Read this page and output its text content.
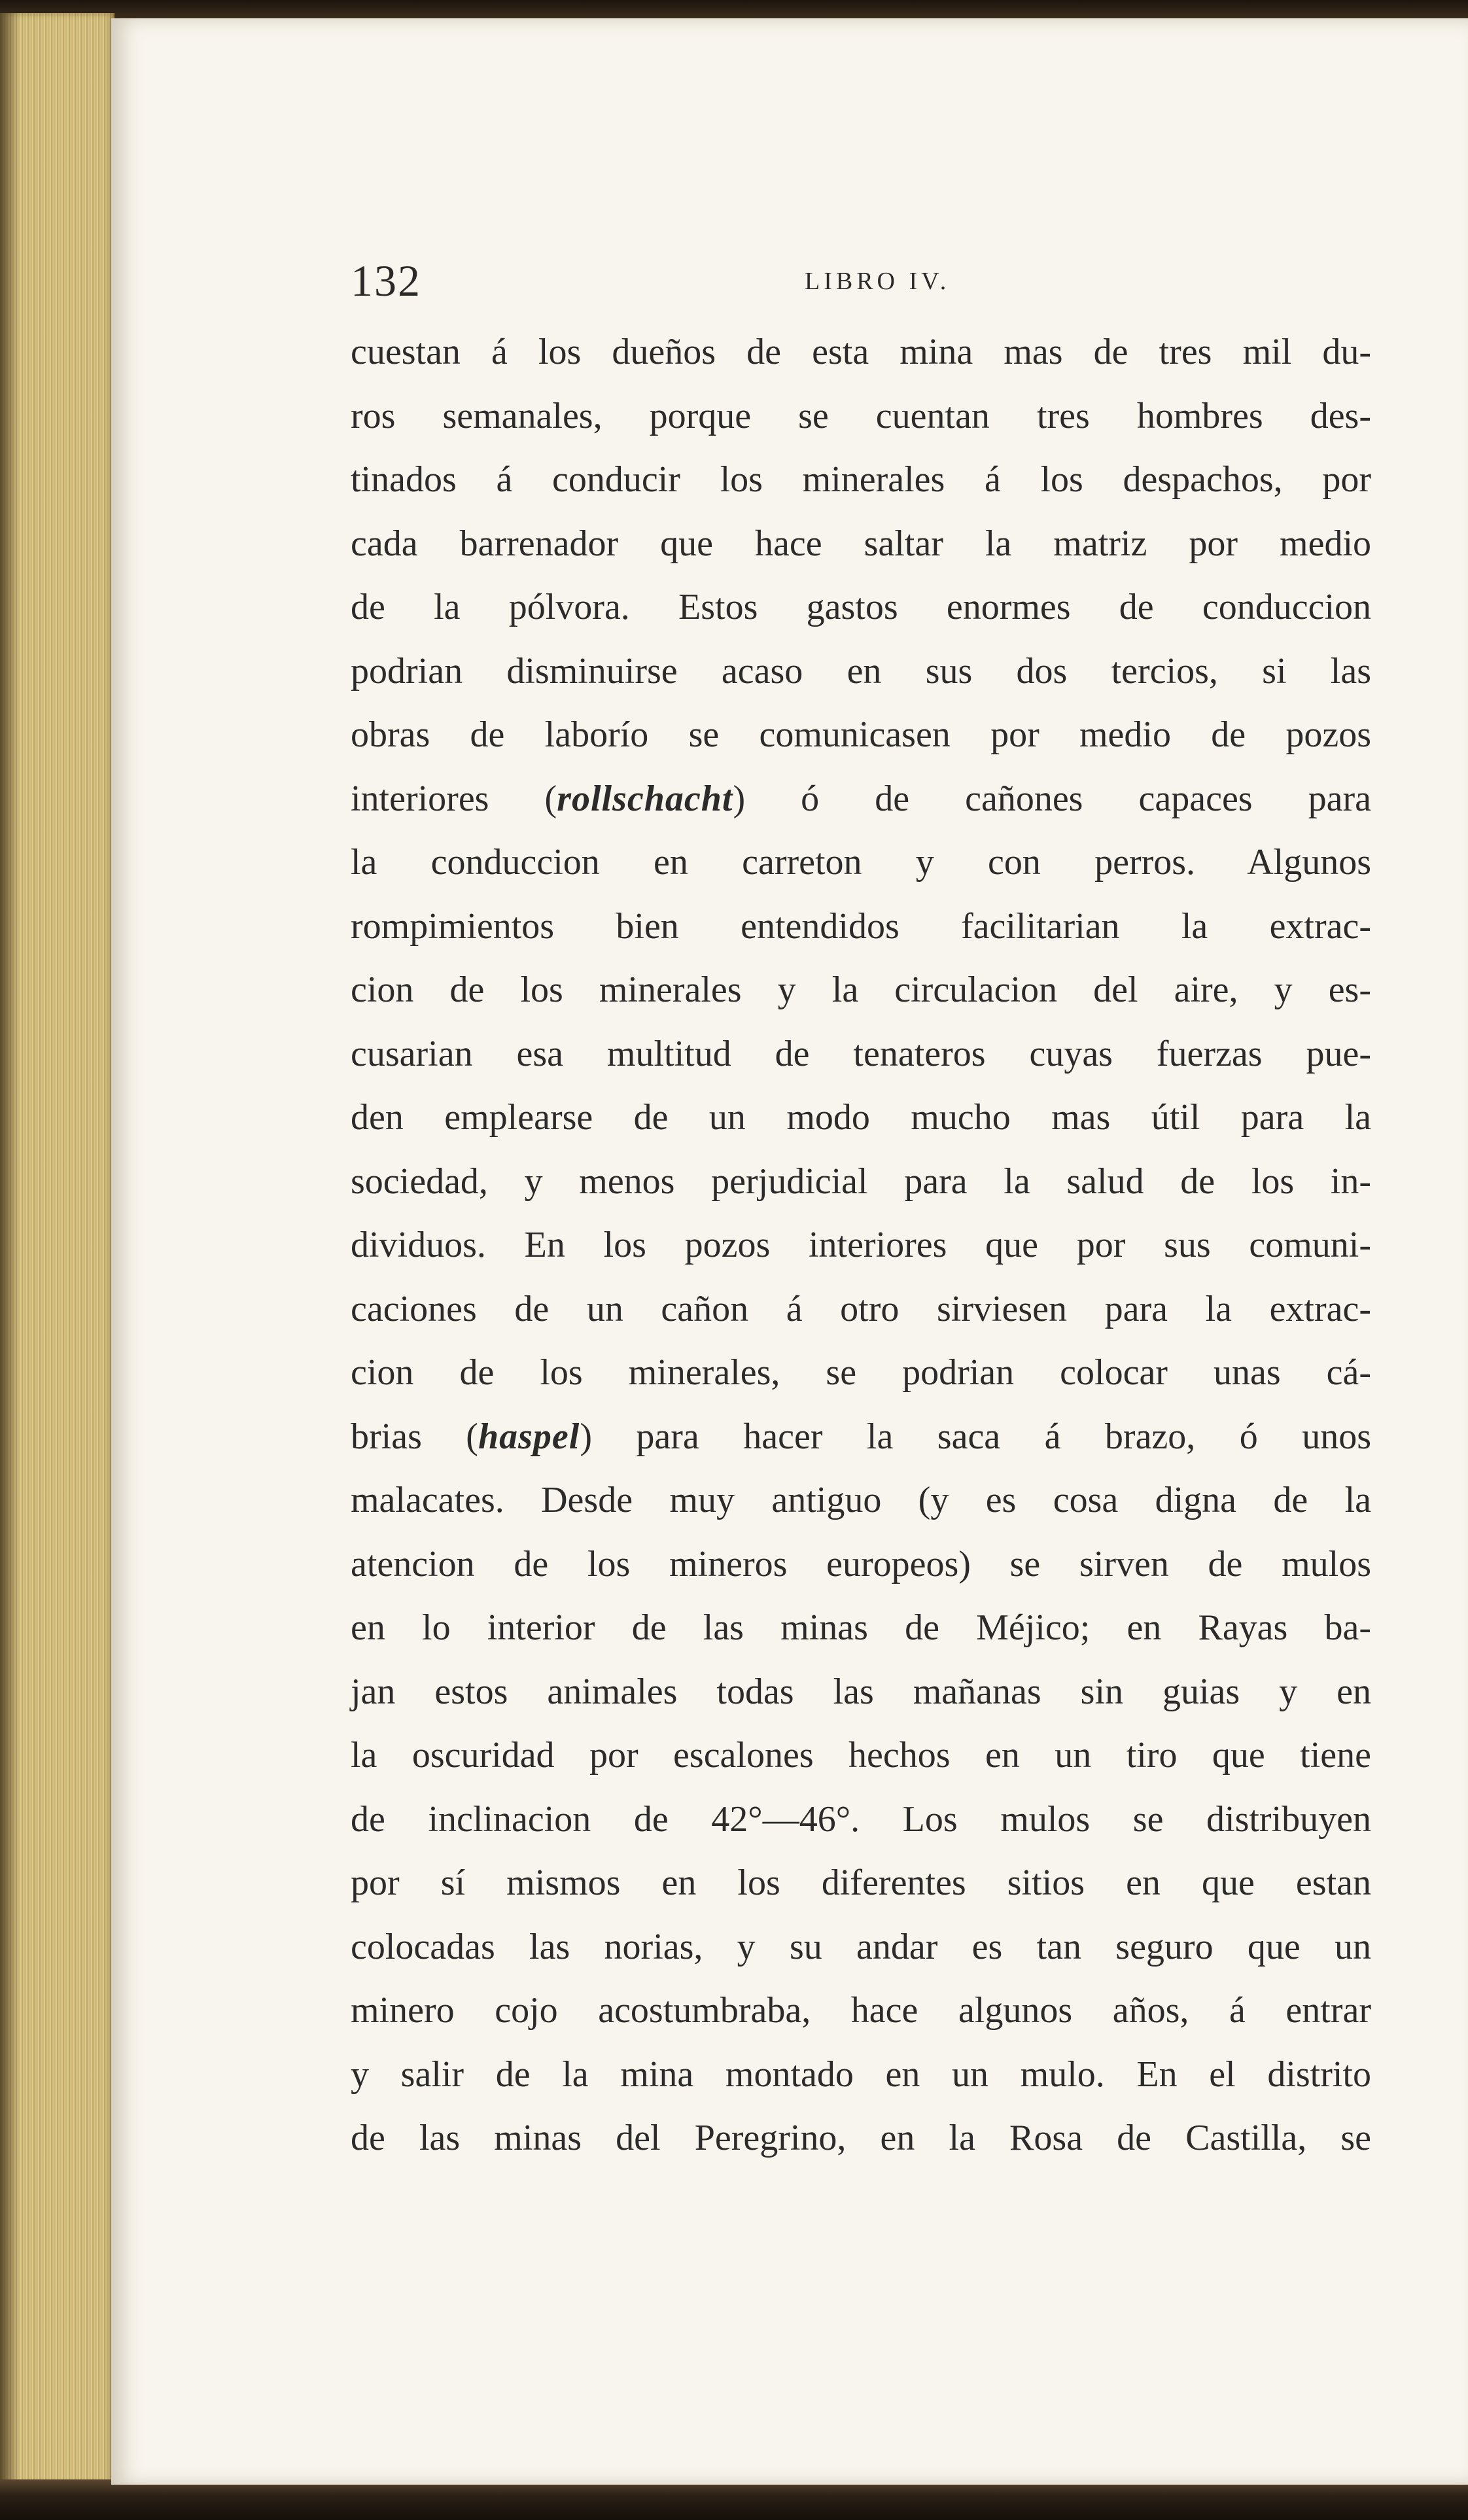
132	LIBRO IV.
cuestan á los dueños de esta mina mas de tres mil du-
ros semanales, porque se cuentan tres hombres des-
tinados á conducir los minerales á los despachos, por
cada barrenador que hace saltar la matriz por medio
de la pólvora. Estos gastos enormes de conduccion
podrian disminuirse acaso en sus dos tercios, si las
obras de laborío se comunicasen por medio de pozos
interiores (rollschacht) ó de cañones capaces para
la conduccion en carreton y con perros. Algunos
rompimientos bien entendidos facilitarian la extrac-
cion de los minerales y la circulacion del aire, y es-
cusarian esa multitud de tenateros cuyas fuerzas pue-
den emplearse de un modo mucho mas útil para la
sociedad, y menos perjudicial para la salud de los in-
dividuos. En los pozos interiores que por sus comuni-
caciones de un cañon á otro sirviesen para la extrac-
cion de los minerales, se podrian colocar unas cá-
brias (haspel) para hacer la saca á brazo, ó unos
malacates. Desde muy antiguo (y es cosa digna de la
atencion de los mineros europeos) se sirven de mulos
en lo interior de las minas de Méjico; en Rayas ba-
jan estos animales todas las mañanas sin guias y en
la oscuridad por escalones hechos en un tiro que tiene
de inclinacion de 42°—46°. Los mulos se distribuyen
por sí mismos en los diferentes sitios en que estan
colocadas las norias, y su andar es tan seguro que un
minero cojo acostumbraba, hace algunos años, á entrar
y salir de la mina montado en un mulo. En el distrito
de las minas del Peregrino, en la Rosa de Castilla, se
